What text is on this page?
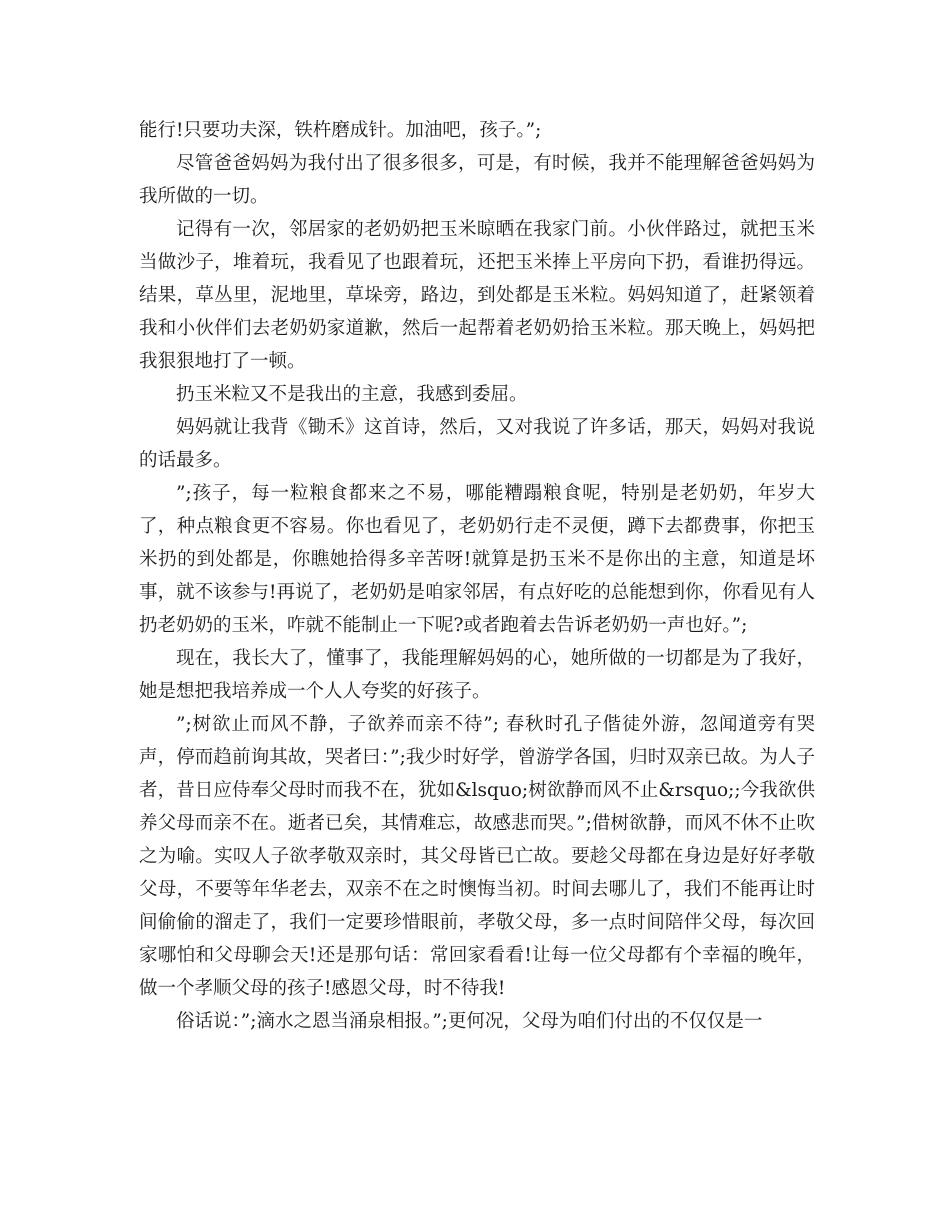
能行!只要功夫深，铁杵磨成针。加油吧，孩子。”;

尽管爸爸妈妈为我付出了很多很多，可是，有时候，我并不能理解爸爸妈妈为我所做的一切。

记得有一次，邻居家的老奶奶把玉米晾晒在我家门前。小伙伴路过，就把玉米当做沙子，堆着玩，我看见了也跟着玩，还把玉米捧上平房向下扔，看谁扔得远。结果，草丛里，泥地里，草垛旁，路边，到处都是玉米粒。妈妈知道了，赶紧领着我和小伙伴们去老奶奶家道歉，然后一起帮着老奶奶拾玉米粒。那天晚上，妈妈把我狠狠地打了一顿。

扔玉米粒又不是我出的主意，我感到委屈。

妈妈就让我背《锄禾》这首诗，然后，又对我说了许多话，那天，妈妈对我说的话最多。

”;孩子，每一粒粮食都来之不易，哪能糟蹋粮食呢，特别是老奶奶，年岁大了，种点粮食更不容易。你也看见了，老奶奶行走不灵便，蹲下去都费事，你把玉米扔的到处都是，你瞧她拾得多辛苦呀!就算是扔玉米不是你出的主意，知道是坏事，就不该参与!再说了，老奶奶是咱家邻居，有点好吃的总能想到你，你看见有人扔老奶奶的玉米，咋就不能制止一下呢?或者跑着去告诉老奶奶一声也好。”;

现在，我长大了，懂事了，我能理解妈妈的心，她所做的一切都是为了我好，她是想把我培养成一个人人夸奖的好孩子。

”;树欲止而风不静，子欲养而亲不待”; 春秋时孔子偕徒外游，忽闻道旁有哭声，停而趋前询其故，哭者曰：”;我少时好学，曾游学各国，归时双亲已故。为人子者，昔日应侍奉父母时而我不在，犹如&lsquo;树欲静而风不止&rsquo;;今我欲供养父母而亲不在。逝者已矣，其情难忘，故感悲而哭。”;借树欲静，而风不休不止吹之为喻。实叹人子欲孝敬双亲时，其父母皆已亡故。要趁父母都在身边是好好孝敬父母，不要等年华老去，双亲不在之时懊悔当初。时间去哪儿了，我们不能再让时间偷偷的溜走了，我们一定要珍惜眼前，孝敬父母，多一点时间陪伴父母，每次回家哪怕和父母聊会天!还是那句话：常回家看看!让每一位父母都有个幸福的晚年，做一个孝顺父母的孩子!感恩父母，时不待我!

俗话说：”;滴水之恩当涌泉相报。”;更何况，父母为咱们付出的不仅仅是一
